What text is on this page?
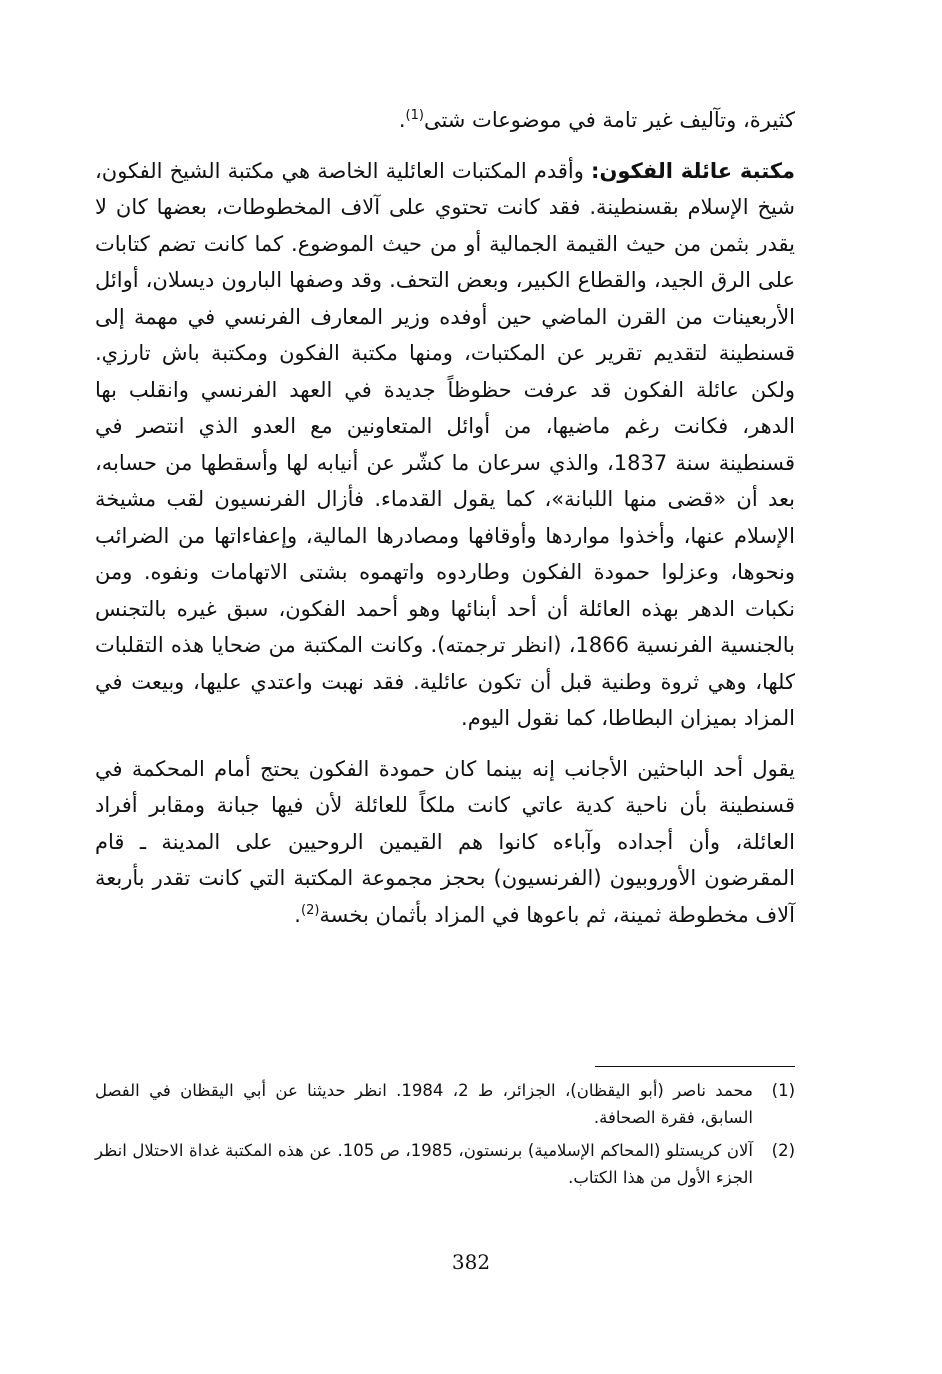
كثيرة، وتآليف غير تامة في موضوعات شتى$^{(1)}$.

مكتبة عائلة الفكون: وأقدم المكتبات العائلية الخاصة هي مكتبة الشيخ الفكون، شيخ الإسلام بقسنطينة. فقد كانت تحتوي على آلاف المخطوطات، بعضها كان لا يقدر بثمن من حيث القيمة الجمالية أو من حيث الموضوع. كما كانت تضم كتابات على الرق الجيد، والقطاع الكبير، وبعض التحف. وقد وصفها البارون ديسلان، أوائل الأربعينات من القرن الماضي حين أوفده وزير المعارف الفرنسي في مهمة إلى قسنطينة لتقديم تقرير عن المكتبات، ومنها مكتبة الفكون ومكتبة باش تارزي. ولكن عائلة الفكون قد عرفت حظوظاً جديدة في العهد الفرنسي وانقلب بها الدهر، فكانت رغم ماضيها، من أوائل المتعاونين مع العدو الذي انتصر في قسنطينة سنة 1837، والذي سرعان ما كشّر عن أنيابه لها وأسقطها من حسابه، بعد أن «قضى منها اللبانة»، كما يقول القدماء. فأزال الفرنسيون لقب مشيخة الإسلام عنها، وأخذوا مواردها وأوقافها ومصادرها المالية، وإعفاءاتها من الضرائب ونحوها، وعزلوا حمودة الفكون وطاردوه واتهموه بشتى الاتهامات ونفوه. ومن نكبات الدهر بهذه العائلة أن أحد أبنائها وهو أحمد الفكون، سبق غيره بالتجنس بالجنسية الفرنسية 1866، (انظر ترجمته). وكانت المكتبة من ضحايا هذه التقلبات كلها، وهي ثروة وطنية قبل أن تكون عائلية. فقد نهبت واعتدي عليها، وبيعت في المزاد بميزان البطاطا، كما نقول اليوم.

يقول أحد الباحثين الأجانب إنه بينما كان حمودة الفكون يحتج أمام المحكمة في قسنطينة بأن ناحية كدية عاتي كانت ملكاً للعائلة لأن فيها جبانة ومقابر أفراد العائلة، وأن أجداده وآباءه كانوا هم القيمين الروحيين على المدينة ـ قام المقرضون الأوروبيون (الفرنسيون) بحجز مجموعة المكتبة التي كانت تقدر بأربعة آلاف مخطوطة ثمينة، ثم باعوها في المزاد بأثمان بخسة$^{(2)}$.

(1)
محمد ناصر (أبو اليقظان)، الجزائر، ط 2، 1984. انظر حديثنا عن أبي اليقظان في الفصل السابق، فقرة الصحافة.
(2)
آلان كريستلو (المحاكم الإسلامية) برنستون، 1985، ص 105. عن هذه المكتبة غداة الاحتلال انظر الجزء الأول من هذا الكتاب.
382
